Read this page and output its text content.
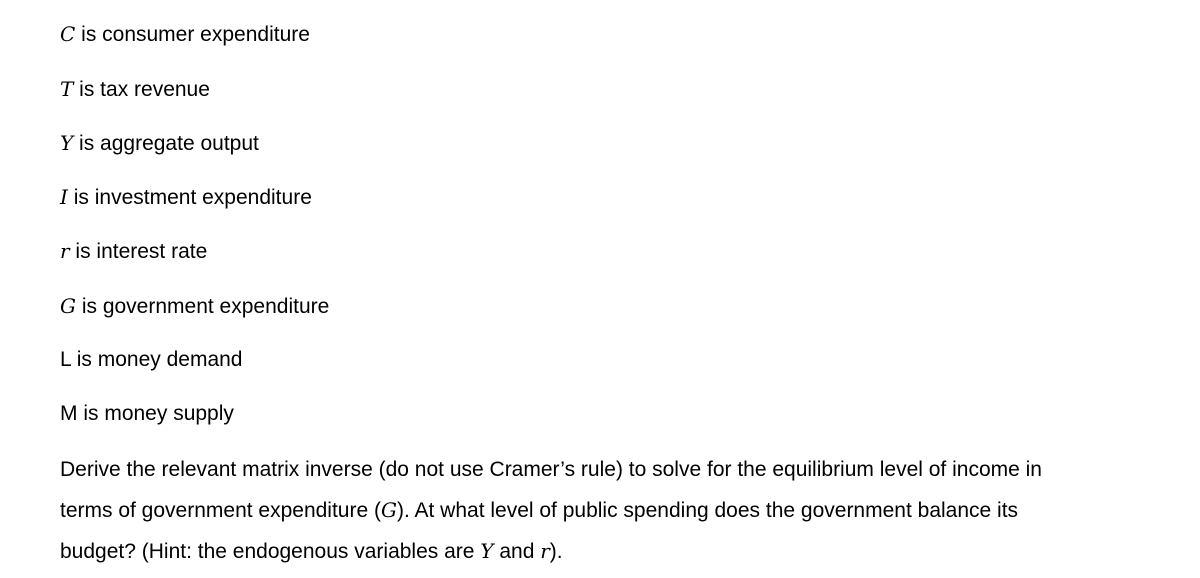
C is consumer expenditure
T is tax revenue
Y is aggregate output
I is investment expenditure
r is interest rate
G is government expenditure
L is money demand
M is money supply
Derive the relevant matrix inverse (do not use Cramer’s rule) to solve for the equilibrium level of income in
terms of government expenditure (G). At what level of public spending does the government balance its
budget? (Hint: the endogenous variables are Y and r).
